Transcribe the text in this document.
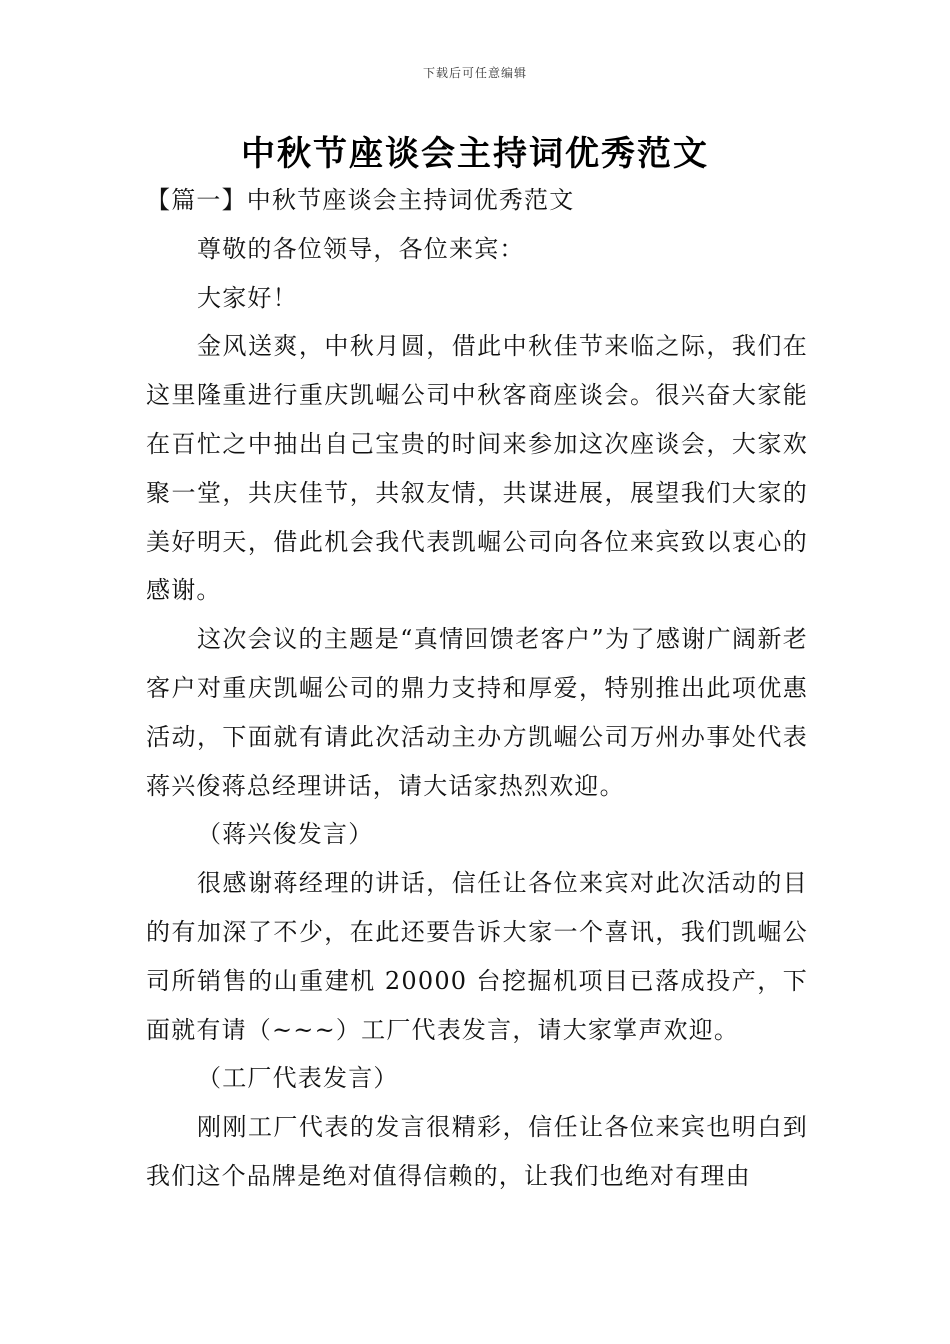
下载后可任意编辑
中秋节座谈会主持词优秀范文

【篇一】中秋节座谈会主持词优秀范文

尊敬的各位领导，各位来宾：

大家好！

金风送爽，中秋月圆，借此中秋佳节来临之际，我们在这里隆重进行重庆凯崛公司中秋客商座谈会。很兴奋大家能在百忙之中抽出自己宝贵的时间来参加这次座谈会，大家欢聚一堂，共庆佳节，共叙友情，共谋进展，展望我们大家的美好明天，借此机会我代表凯崛公司向各位来宾致以衷心的感谢。

这次会议的主题是“真情回馈老客户”为了感谢广阔新老客户对重庆凯崛公司的鼎力支持和厚爱，特别推出此项优惠活动，下面就有请此次活动主办方凯崛公司万州办事处代表蒋兴俊蒋总经理讲话，请大话家热烈欢迎。

（蒋兴俊发言）

很感谢蒋经理的讲话，信任让各位来宾对此次活动的目的有加深了不少，在此还要告诉大家一个喜讯，我们凯崛公司所销售的山重建机 20000 台挖掘机项目已落成投产，下面就有请（~~~）工厂代表发言，请大家掌声欢迎。

（工厂代表发言）

刚刚工厂代表的发言很精彩，信任让各位来宾也明白到我们这个品牌是绝对值得信赖的，让我们也绝对有理由
